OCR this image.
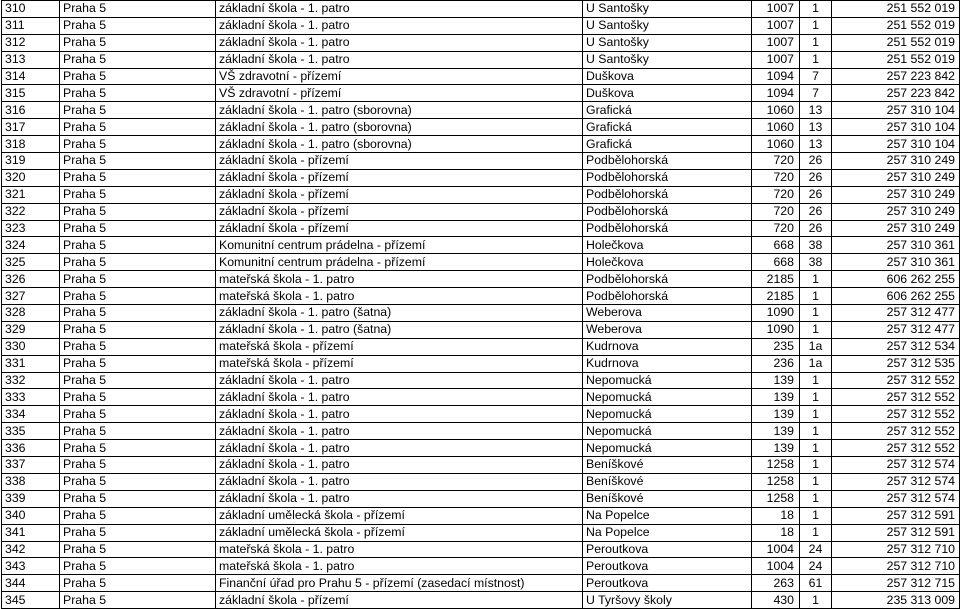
310	Praha 5	základní škola - 1. patro	U Santošky	1007	1	251 552 019
311	Praha 5	základní škola - 1. patro	U Santošky	1007	1	251 552 019
312	Praha 5	základní škola - 1. patro	U Santošky	1007	1	251 552 019
313	Praha 5	základní škola - 1. patro	U Santošky	1007	1	251 552 019
314	Praha 5	VŠ zdravotní - přízemí	Duškova	1094	7	257 223 842
315	Praha 5	VŠ zdravotní - přízemí	Duškova	1094	7	257 223 842
316	Praha 5	základní škola - 1. patro (sborovna)	Grafická	1060	13	257 310 104
317	Praha 5	základní škola - 1. patro (sborovna)	Grafická	1060	13	257 310 104
318	Praha 5	základní škola - 1. patro (sborovna)	Grafická	1060	13	257 310 104
319	Praha 5	základní škola - přízemí	Podbělohorská	720	26	257 310 249
320	Praha 5	základní škola - přízemí	Podbělohorská	720	26	257 310 249
321	Praha 5	základní škola - přízemí	Podbělohorská	720	26	257 310 249
322	Praha 5	základní škola - přízemí	Podbělohorská	720	26	257 310 249
323	Praha 5	základní škola - přízemí	Podbělohorská	720	26	257 310 249
324	Praha 5	Komunitní centrum prádelna - přízemí	Holečkova	668	38	257 310 361
325	Praha 5	Komunitní centrum prádelna - přízemí	Holečkova	668	38	257 310 361
326	Praha 5	mateřská škola - 1. patro	Podbělohorská	2185	1	606 262 255
327	Praha 5	mateřská škola - 1. patro	Podbělohorská	2185	1	606 262 255
328	Praha 5	základní škola - 1. patro (šatna)	Weberova	1090	1	257 312 477
329	Praha 5	základní škola - 1. patro (šatna)	Weberova	1090	1	257 312 477
330	Praha 5	mateřská škola - přízemí	Kudrnova	235	1a	257 312 534
331	Praha 5	mateřská škola - přízemí	Kudrnova	236	1a	257 312 535
332	Praha 5	základní škola - 1. patro	Nepomucká	139	1	257 312 552
333	Praha 5	základní škola - 1. patro	Nepomucká	139	1	257 312 552
334	Praha 5	základní škola - 1. patro	Nepomucká	139	1	257 312 552
335	Praha 5	základní škola - 1. patro	Nepomucká	139	1	257 312 552
336	Praha 5	základní škola - 1. patro	Nepomucká	139	1	257 312 552
337	Praha 5	základní škola - 1. patro	Beníškové	1258	1	257 312 574
338	Praha 5	základní škola - 1. patro	Beníškové	1258	1	257 312 574
339	Praha 5	základní škola - 1. patro	Beníškové	1258	1	257 312 574
340	Praha 5	základní umělecká škola - přízemí	Na Popelce	18	1	257 312 591
341	Praha 5	základní umělecká škola - přízemí	Na Popelce	18	1	257 312 591
342	Praha 5	mateřská škola - 1. patro	Peroutkova	1004	24	257 312 710
343	Praha 5	mateřská škola - 1. patro	Peroutkova	1004	24	257 312 710
344	Praha 5	Finanční úřad pro Prahu 5 - přízemí (zasedací místnost)	Peroutkova	263	61	257 312 715
345	Praha 5	základní škola - přízemí	U Tyršovy školy	430	1	235 313 009
